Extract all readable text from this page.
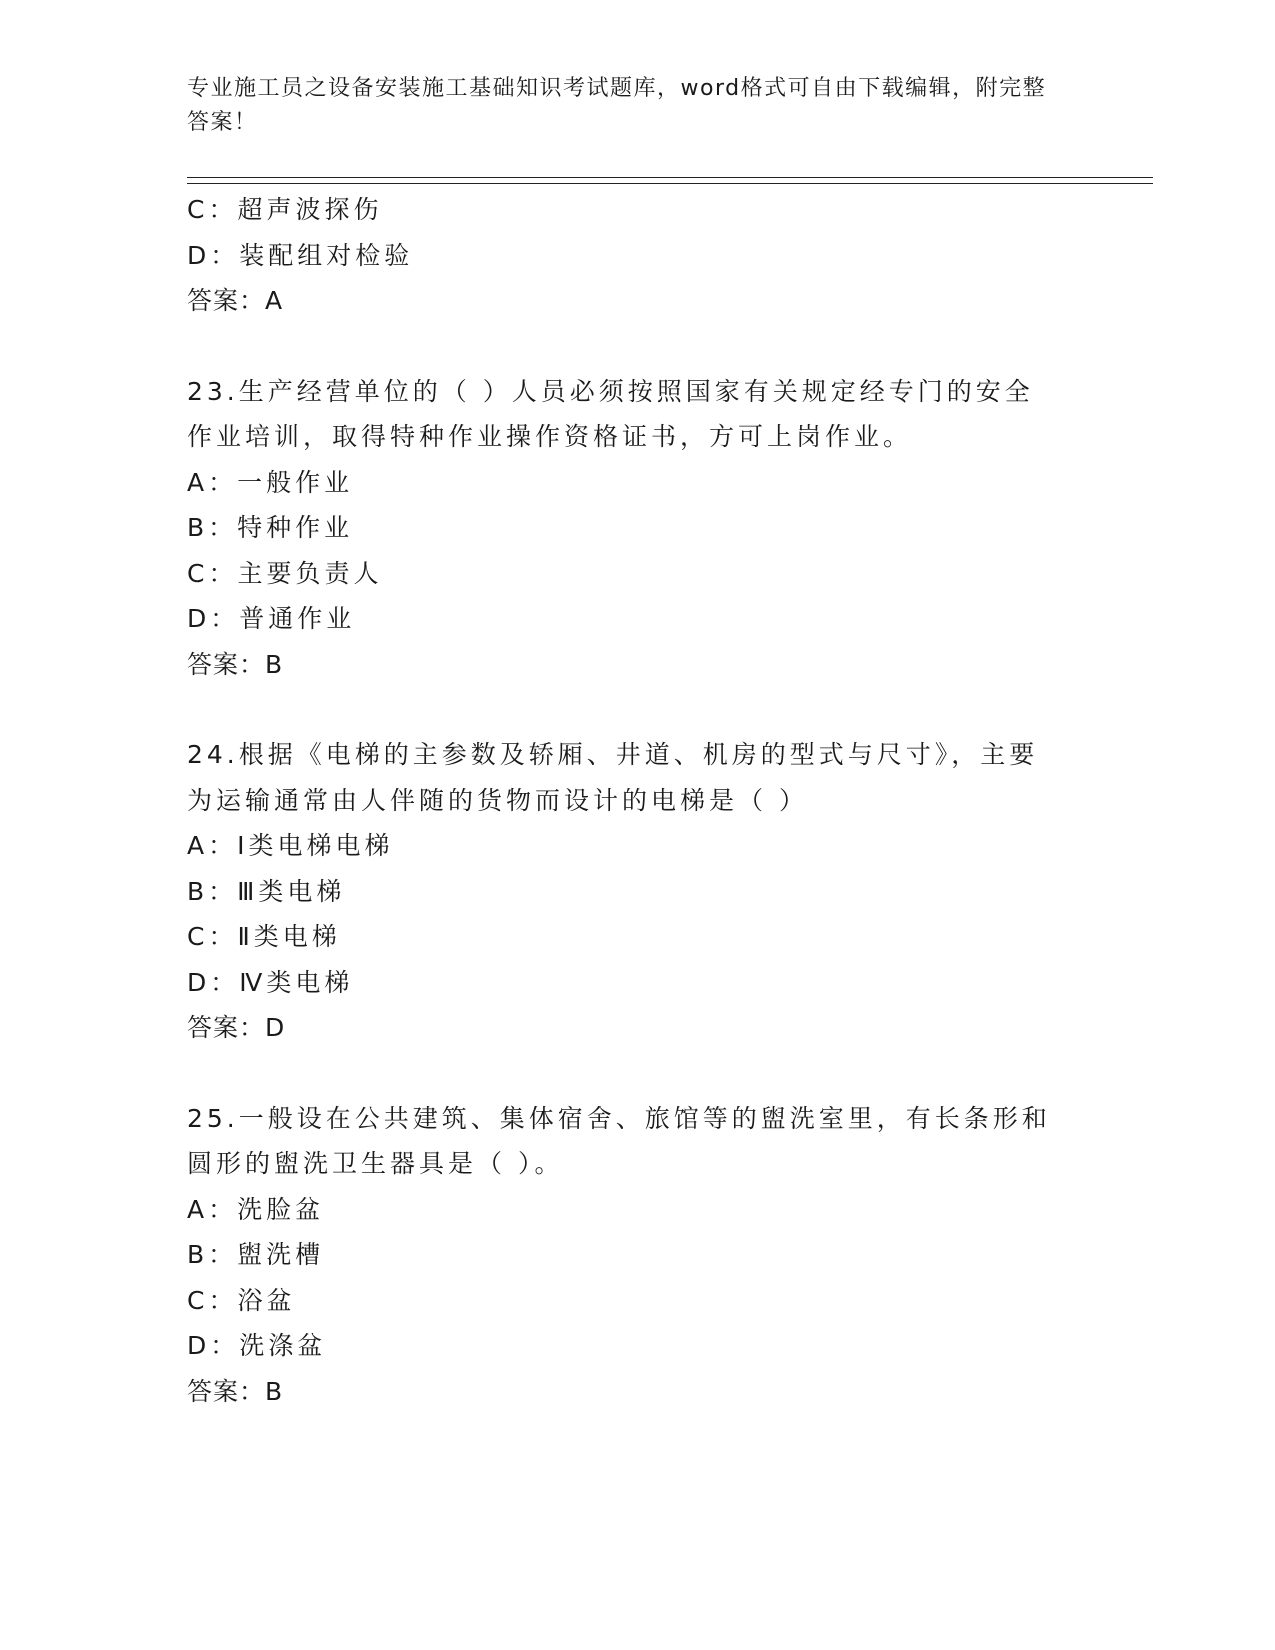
专业施工员之设备安装施工基础知识考试题库，word格式可自由下载编辑，附完整答案！
C：超声波探伤
D：装配组对检验
答案：A
23.生产经营单位的（ ）人员必须按照国家有关规定经专门的安全作业培训，取得特种作业操作资格证书，方可上岗作业。
A：一般作业
B：特种作业
C：主要负责人
D：普通作业
答案：B
24.根据《电梯的主参数及轿厢、井道、机房的型式与尺寸》，主要为运输通常由人伴随的货物而设计的电梯是（ ）
A：Ⅰ类电梯电梯
B：Ⅲ类电梯
C：Ⅱ类电梯
D：Ⅳ类电梯
答案：D
25.一般设在公共建筑、集体宿舍、旅馆等的盥洗室里，有长条形和圆形的盥洗卫生器具是（ ）。
A：洗脸盆
B：盥洗槽
C：浴盆
D：洗涤盆
答案：B
